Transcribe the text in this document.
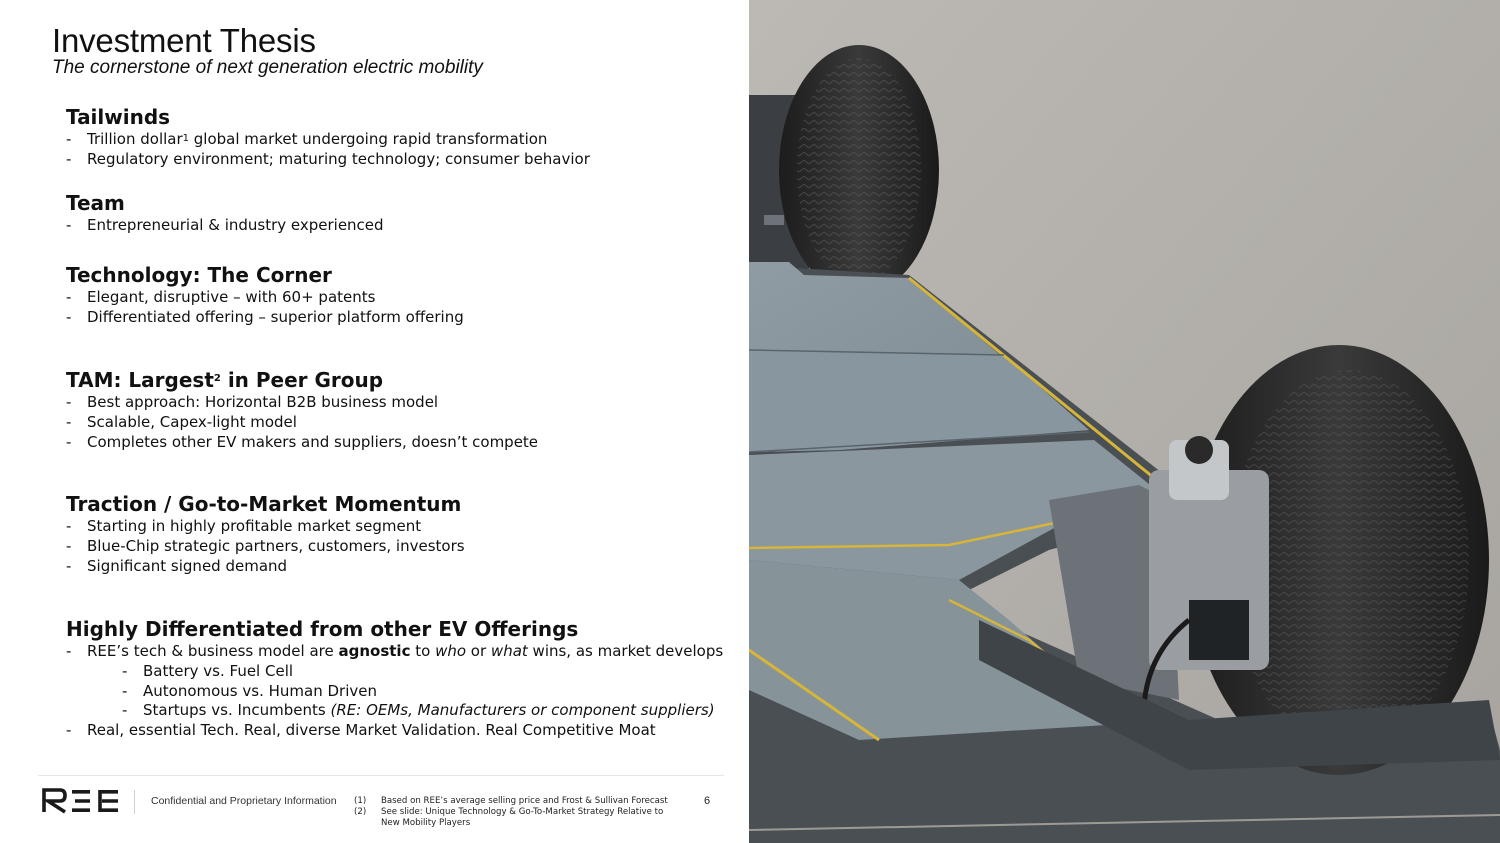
Investment Thesis
The cornerstone of next generation electric mobility
Tailwinds
- Trillion dollar$^1$ global market undergoing rapid transformation
- Regulatory environment; maturing technology; consumer behavior
Team
- Entrepreneurial & industry experienced
Technology: The Corner
- Elegant, disruptive – with 60+ patents
- Differentiated offering – superior platform offering
TAM: Largest$^2$ in Peer Group
- Best approach: Horizontal B2B business model
- Scalable, Capex-light model
- Completes other EV makers and suppliers, doesn’t compete
Traction / Go-to-Market Momentum
- Starting in highly profitable market segment
- Blue-Chip strategic partners, customers, investors
- Significant signed demand
Highly Differentiated from other EV Offerings
- REE’s tech & business model are agnostic to who or what wins, as market develops
- Battery vs. Fuel Cell
- Autonomous vs. Human Driven
- Startups vs. Incumbents (RE: OEMs, Manufacturers or component suppliers)
- Real, essential Tech. Real, diverse Market Validation. Real Competitive Moat
Confidential and Proprietary Information (1)
(2)
Based on REE’s average selling price and Frost & Sullivan Forecast
See slide: Unique Technology & Go-To-Market Strategy Relative to New Mobility Players
6
